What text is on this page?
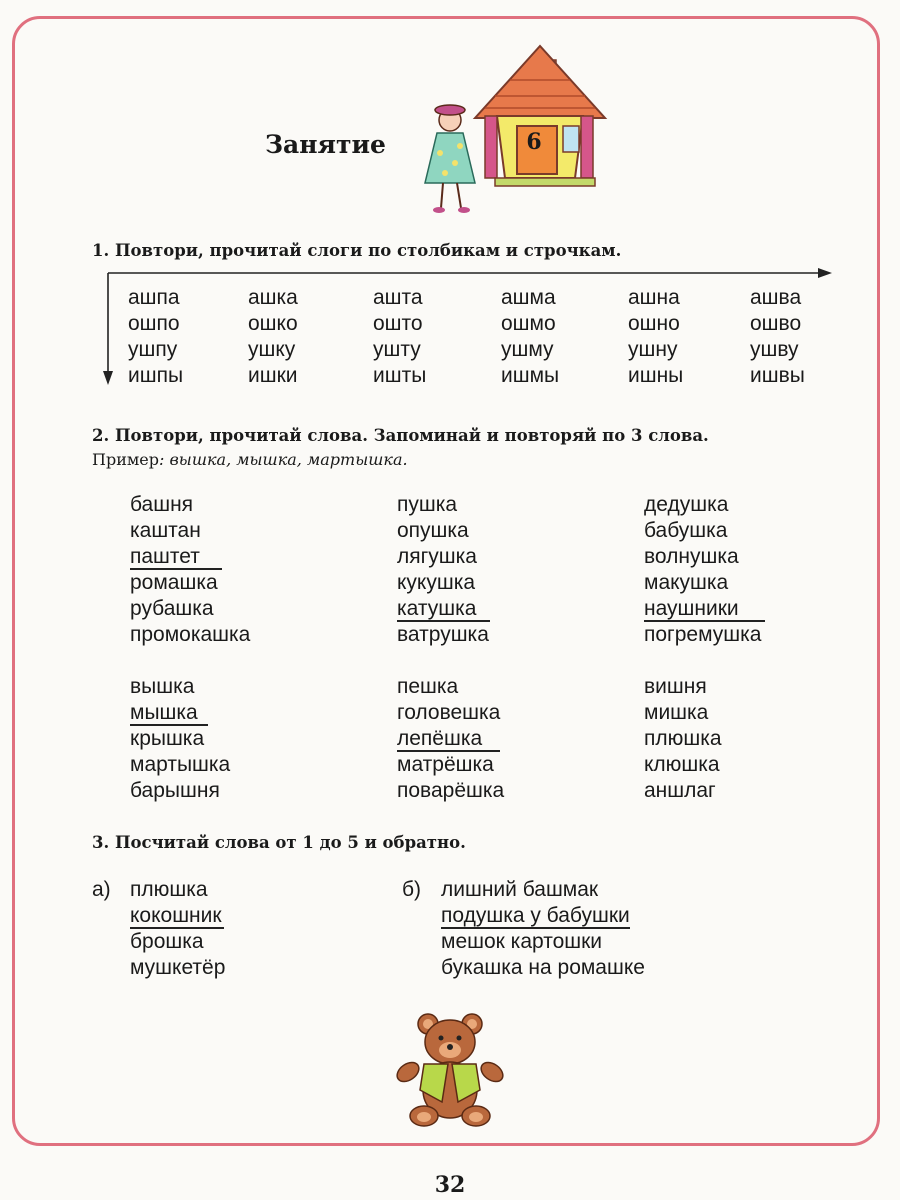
Занятие	6
1. Повтори, прочитай слоги по столбикам и строчкам.
ашпа
ошпо
ушпу
ишпы
ашка
ошко
ушку
ишки
ашта
ошто
ушту
ишты
ашма
ошмо
ушму
ишмы
ашна
ошно
ушну
ишны
ашва
ошво
ушву
ишвы
2. Повтори, прочитай слова. Запоминай и повторяй по 3 слова.
Пример: вышка, мышка, мартышка.
башня
каштан
паштет
ромашка
рубашка
промокашка
пушка
опушка
лягушка
кукушка
катушка
ватрушка
дедушка
бабушка
волнушка
макушка
наушники
погремушка
вышка
мышка
крышка
мартышка
барышня
пешка
головешка
лепёшка
матрёшка
поварёшка
вишня
мишка
плюшка
клюшка
аншлаг
3. Посчитай слова от 1 до 5 и обратно.
а) плюшка
кокошник
брошка
мушкетёр
б) лишний башмак
подушка у бабушки
мешок картошки
букашка на ромашке
32
